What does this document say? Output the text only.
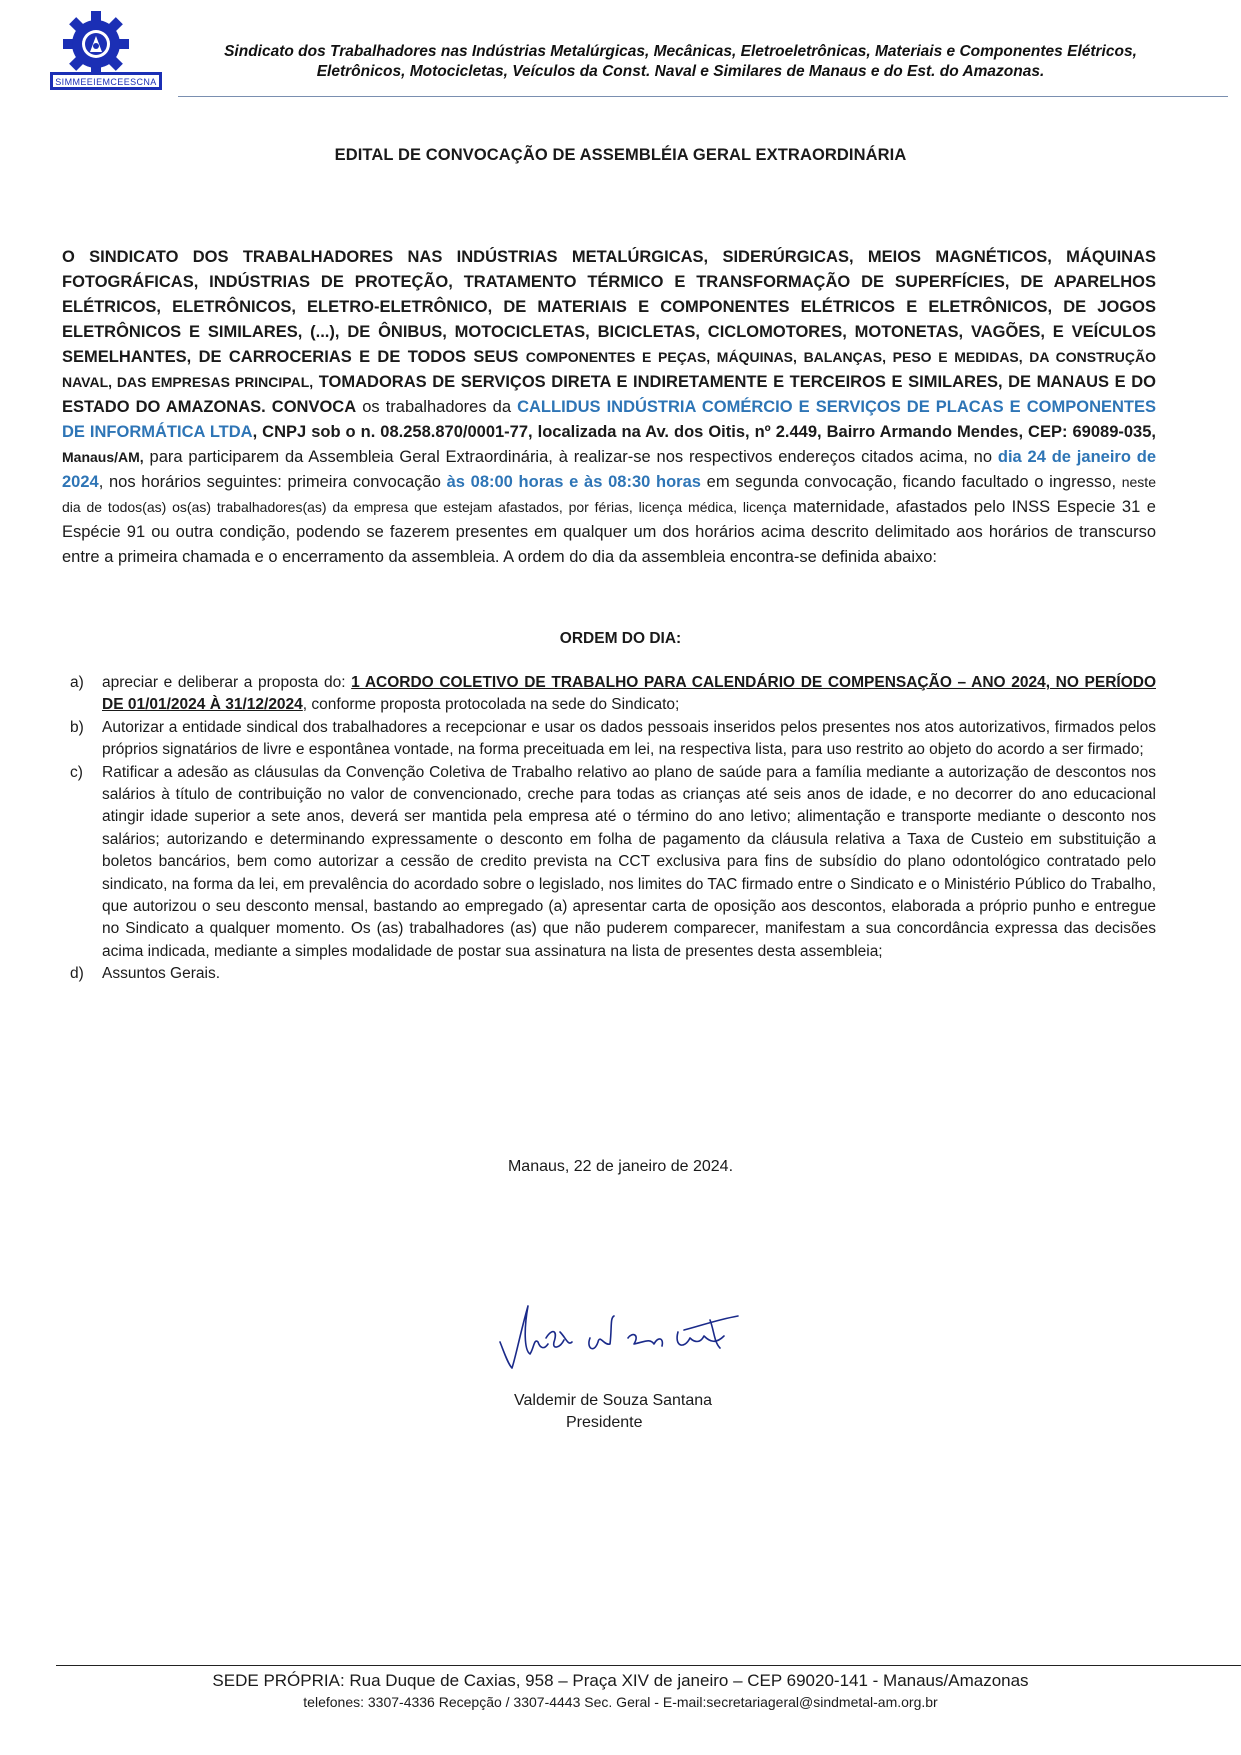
SIMMEEIEMCEESCNA
Sindicato dos Trabalhadores nas Indústrias Metalúrgicas, Mecânicas, Eletroeletrônicas, Materiais e Componentes Elétricos,
Eletrônicos, Motocicletas, Veículos da Const. Naval e Similares de Manaus e do Est. do Amazonas.
EDITAL DE CONVOCAÇÃO DE ASSEMBLÉIA GERAL EXTRAORDINÁRIA
O SINDICATO DOS TRABALHADORES NAS INDÚSTRIAS METALÚRGICAS, SIDERÚRGICAS, MEIOS MAGNÉTICOS, MÁQUINAS FOTOGRÁFICAS, INDÚSTRIAS DE PROTEÇÃO, TRATAMENTO TÉRMICO E TRANSFORMAÇÃO DE SUPERFÍCIES, DE APARELHOS ELÉTRICOS, ELETRÔNICOS, ELETRO-ELETRÔNICO, DE MATERIAIS E COMPONENTES ELÉTRICOS E ELETRÔNICOS, DE JOGOS ELETRÔNICOS E SIMILARES, (...), DE ÔNIBUS, MOTOCICLETAS, BICICLETAS, CICLOMOTORES, MOTONETAS, VAGÕES, E VEÍCULOS SEMELHANTES, DE CARROCERIAS E DE TODOS SEUS COMPONENTES E PEÇAS, MÁQUINAS, BALANÇAS, PESO E MEDIDAS, DA CONSTRUÇÃO NAVAL, DAS EMPRESAS PRINCIPAL, TOMADORAS DE SERVIÇOS DIRETA E INDIRETAMENTE E TERCEIROS E SIMILARES, DE MANAUS E DO ESTADO DO AMAZONAS. CONVOCA os trabalhadores da CALLIDUS INDÚSTRIA COMÉRCIO E SERVIÇOS DE PLACAS E COMPONENTES DE INFORMÁTICA LTDA, CNPJ sob o n. 08.258.870/0001-77, localizada na Av. dos Oitis, nº 2.449, Bairro Armando Mendes, CEP: 69089-035, Manaus/AM, para participarem da Assembleia Geral Extraordinária, à realizar-se nos respectivos endereços citados acima, no dia 24 de janeiro de 2024, nos horários seguintes: primeira convocação às 08:00 horas e às 08:30 horas em segunda convocação, ficando facultado o ingresso, neste dia de todos(as) os(as) trabalhadores(as) da empresa que estejam afastados, por férias, licença médica, licença maternidade, afastados pelo INSS Especie 31 e Espécie 91 ou outra condição, podendo se fazerem presentes em qualquer um dos horários acima descrito delimitado aos horários de transcurso entre a primeira chamada e o encerramento da assembleia. A ordem do dia da assembleia encontra-se definida abaixo:
ORDEM DO DIA:
a)	apreciar e deliberar a proposta do: 1 ACORDO COLETIVO DE TRABALHO PARA CALENDÁRIO DE COMPENSAÇÃO – ANO 2024, NO PERÍODO DE 01/01/2024 À 31/12/2024, conforme proposta protocolada na sede do Sindicato;
b)	Autorizar a entidade sindical dos trabalhadores a recepcionar e usar os dados pessoais inseridos pelos presentes nos atos autorizativos, firmados pelos próprios signatários de livre e espontânea vontade, na forma preceituada em lei, na respectiva lista, para uso restrito ao objeto do acordo a ser firmado;
c)	Ratificar a adesão as cláusulas da Convenção Coletiva de Trabalho relativo ao plano de saúde para a família mediante a autorização de descontos nos salários à título de contribuição no valor de convencionado, creche para todas as crianças até seis anos de idade, e no decorrer do ano educacional atingir idade superior a sete anos, deverá ser mantida pela empresa até o término do ano letivo; alimentação e transporte mediante o desconto nos salários; autorizando e determinando expressamente o desconto em folha de pagamento da cláusula relativa a Taxa de Custeio em substituição a boletos bancários, bem como autorizar a cessão de credito prevista na CCT exclusiva para fins de subsídio do plano odontológico contratado pelo sindicato, na forma da lei, em prevalência do acordado sobre o legislado, nos limites do TAC firmado entre o Sindicato e o Ministério Público do Trabalho, que autorizou o seu desconto mensal, bastando ao empregado (a) apresentar carta de oposição aos descontos, elaborada a próprio punho e entregue no Sindicato a qualquer momento. Os (as) trabalhadores (as) que não puderem comparecer, manifestam a sua concordância expressa das decisões acima indicada, mediante a simples modalidade de postar sua assinatura na lista de presentes desta assembleia;
d)	Assuntos Gerais.
Manaus, 22 de janeiro de 2024.
Valdemir de Souza Santana
Presidente
SEDE PRÓPRIA: Rua Duque de Caxias, 958 – Praça XIV de janeiro – CEP 69020-141 - Manaus/Amazonas
telefones: 3307-4336 Recepção / 3307-4443 Sec. Geral - E-mail:secretariageral@sindmetal-am.org.br
